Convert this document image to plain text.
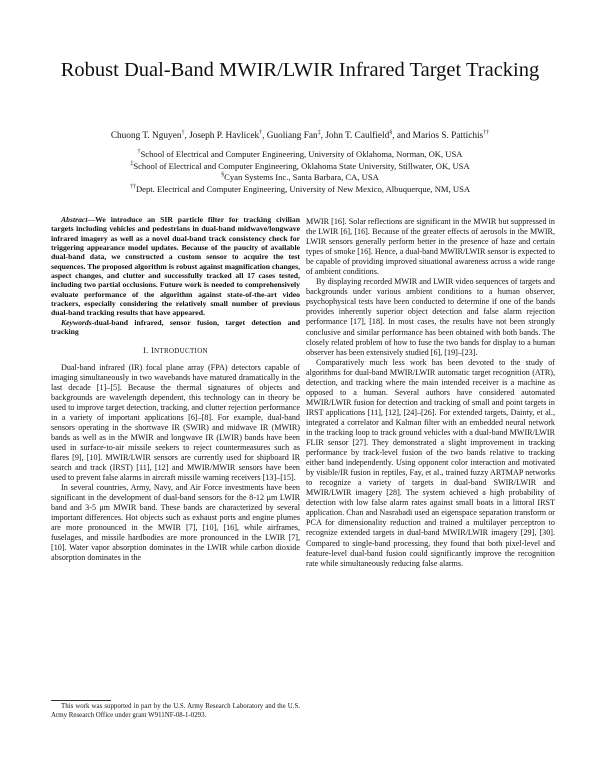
Robust Dual-Band MWIR/LWIR Infrared Target Tracking
Chuong T. Nguyen†, Joseph P. Havlicek†, Guoliang Fan‡, John T. Caulfield§, and Marios S. Pattichis††
†School of Electrical and Computer Engineering, University of Oklahoma, Norman, OK, USA
‡School of Electrical and Computer Engineering, Oklahoma State University, Stillwater, OK, USA
§Cyan Systems Inc., Santa Barbara, CA, USA
††Dept. Electrical and Computer Engineering, University of New Mexico, Albuquerque, NM, USA

Abstract—We introduce an SIR particle filter for tracking civilian targets including vehicles and pedestrians in dual-band midwave/longwave infrared imagery as well as a novel dual-band track consistency check for triggering appearance model updates. Because of the paucity of available dual-band data, we constructed a custom sensor to acquire the test sequences. The proposed algorithm is robust against magnification changes, aspect changes, and clutter and successfully tracked all 17 cases tested, including two partial occlusions. Future work is needed to comprehensively evaluate performance of the algorithm against state-of-the-art video trackers, especially considering the relatively small number of previous dual-band tracking results that have appeared.

Keywords-dual-band infrared, sensor fusion, target detection and tracking

I. INTRODUCTION

Dual-band infrared (IR) focal plane array (FPA) detectors capable of imaging simultaneously in two wavebands have matured dramatically in the last decade [1]–[5]. Because the thermal signatures of objects and backgrounds are wavelength dependent, this technology can in theory be used to improve target detection, tracking, and clutter rejection performance in a variety of important applications [6]–[8]. For example, dual-band sensors operating in the shortwave IR (SWIR) and midwave IR (MWIR) bands as well as in the MWIR and longwave IR (LWIR) bands have been used in surface-to-air missile seekers to reject countermeasures such as flares [9], [10]. MWIR/LWIR sensors are currently used for shipboard IR search and track (IRST) [11], [12] and MWIR/MWIR sensors have been used to prevent false alarms in aircraft missile warning receivers [13]–[15].

In several countries, Army, Navy, and Air Force investments have been significant in the development of dual-band sensors for the 8-12 μm LWIR band and 3-5 μm MWIR band. These bands are characterized by several important differences. Hot objects such as exhaust ports and engine plumes are more pronounced in the MWIR [7], [10], [16], while airframes, fuselages, and missile hardbodies are more pronounced in the LWIR [7], [10]. Water vapor absorption dominates in the LWIR while carbon dioxide absorption dominates in the

MWIR [16]. Solar reflections are significant in the MWIR but suppressed in the LWIR [6], [16]. Because of the greater effects of aerosols in the MWIR, LWIR sensors generally perform better in the presence of haze and certain types of smoke [16]. Hence, a dual-band MWIR/LWIR sensor is expected to be capable of providing improved situational awareness across a wide range of ambient conditions.

By displaying recorded MWIR and LWIR video sequences of targets and backgrounds under various ambient conditions to a human observer, psychophysical tests have been conducted to determine if one of the bands provides inherently superior object detection and false alarm rejection performance [17], [18]. In most cases, the results have not been strongly conclusive and similar performance has been obtained with both bands. The closely related problem of how to fuse the two bands for display to a human observer has been extensively studied [6], [19]–[23].

Comparatively much less work has been devoted to the study of algorithms for dual-band MWIR/LWIR automatic target recognition (ATR), detection, and tracking where the main intended receiver is a machine as opposed to a human. Several authors have considered automated MWIR/LWIR fusion for detection and tracking of small and point targets in IRST applications [11], [12], [24]–[26]. For extended targets, Dainty, et al., integrated a correlator and Kalman filter with an embedded neural network in the tracking loop to track ground vehicles with a dual-band MWIR/LWIR FLIR sensor [27]. They demonstrated a slight improvement in tracking performance by track-level fusion of the two bands relative to tracking either band independently. Using opponent color interaction and motivated by visible/IR fusion in reptiles, Fay, et al., trained fuzzy ARTMAP networks to recognize a variety of targets in dual-band SWIR/LWIR and MWIR/LWIR imagery [28]. The system achieved a high probability of detection with low false alarm rates against small boats in a littoral IRST application. Chan and Nasrabadi used an eigenspace separation transform or PCA for dimensionality reduction and trained a multilayer perceptron to recognize extended targets in dual-band MWIR/LWIR imagery [29], [30]. Compared to single-band processing, they found that both pixel-level and feature-level dual-band fusion could significantly improve the recognition rate while simultaneously reducing false alarms.

This work was supported in part by the U.S. Army Research Laboratory and the U.S. Army Research Office under grant W911NF-08-1-0293.
